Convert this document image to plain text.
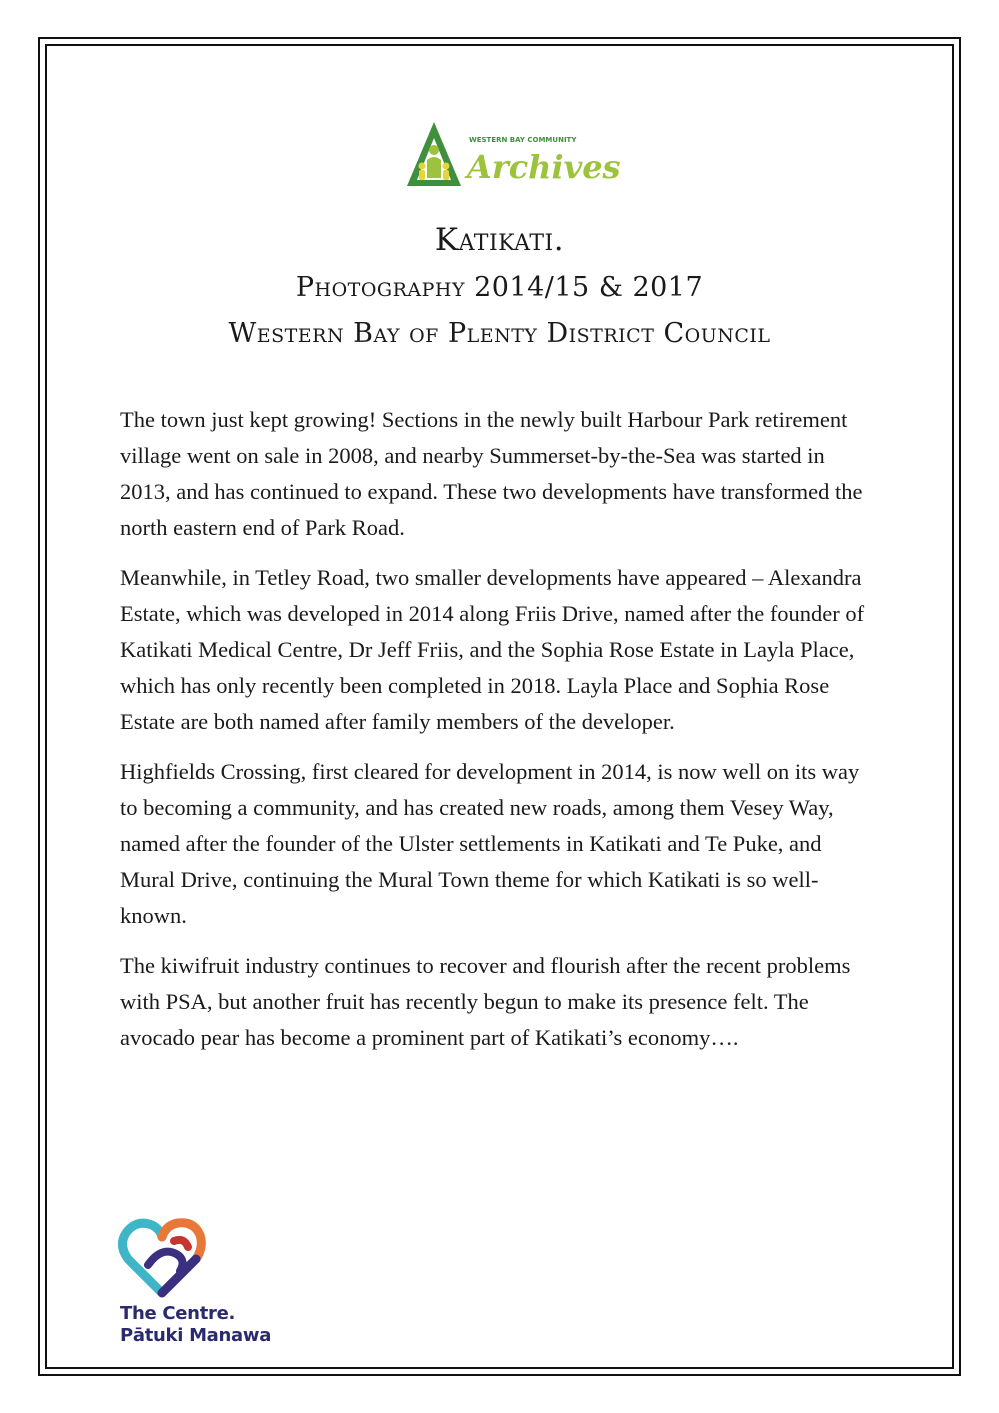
WESTERN BAY COMMUNITY
Archives
Katikati.
Photography 2014/15 & 2017
Western Bay of Plenty District Council

The town just kept growing! Sections in the newly built Harbour Park retirement village went on sale in 2008, and nearby Summerset-by-the-Sea was started in 2013, and has continued to expand. These two developments have transformed the north eastern end of Park Road.

Meanwhile, in Tetley Road, two smaller developments have appeared – Alexandra Estate, which was developed in 2014 along Friis Drive, named after the founder of Katikati Medical Centre, Dr Jeff Friis, and the Sophia Rose Estate in Layla Place, which has only recently been completed in 2018. Layla Place and Sophia Rose Estate are both named after family members of the developer.

Highfields Crossing, first cleared for development in 2014, is now well on its way to becoming a community, and has created new roads, among them Vesey Way, named after the founder of the Ulster settlements in Katikati and Te Puke, and Mural Drive, continuing the Mural Town theme for which Katikati is so well-known.

The kiwifruit industry continues to recover and flourish after the recent problems with PSA, but another fruit has recently begun to make its presence felt. The avocado pear has become a prominent part of Katikati’s economy….

The Centre.
Pātuki Manawa
